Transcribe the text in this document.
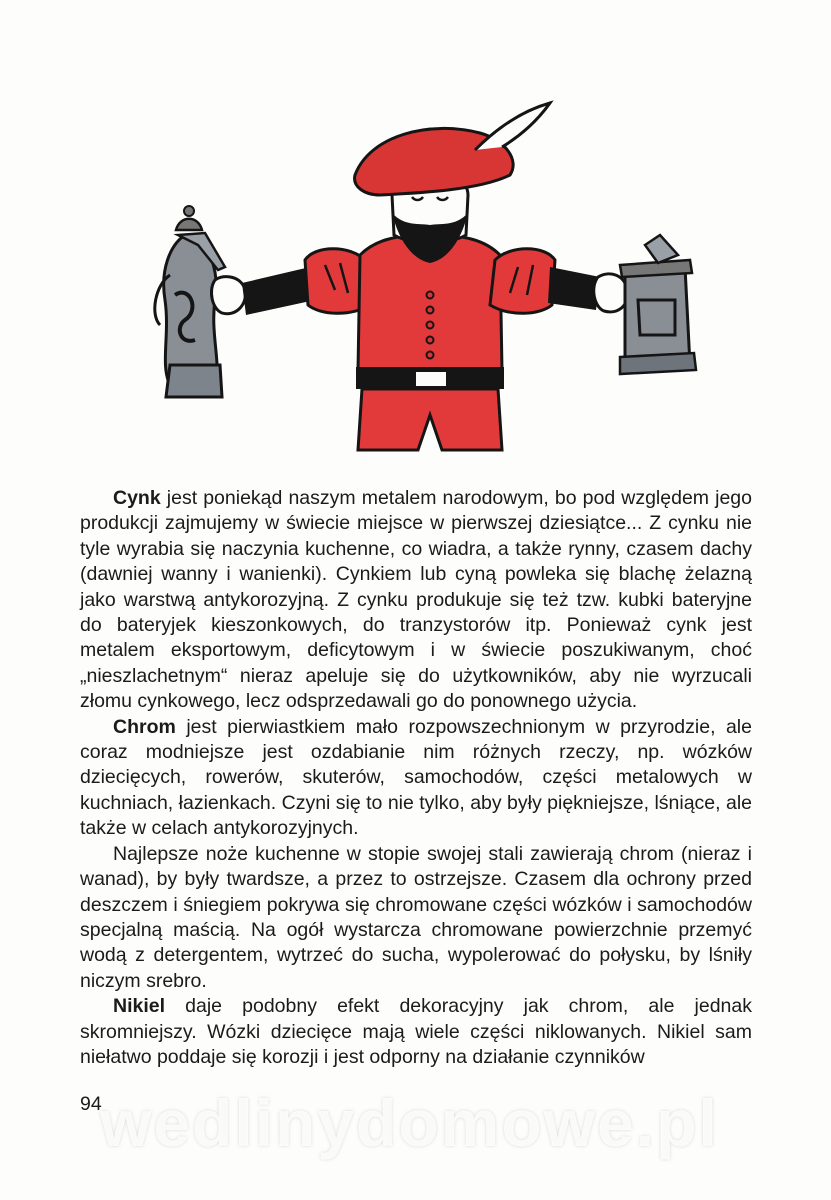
Cynk jest poniekąd naszym metalem narodowym, bo pod względem jego produkcji zajmujemy w świecie miejsce w pierwszej dziesiątce... Z cynku nie tyle wyrabia się naczynia kuchenne, co wiadra, a także rynny, czasem dachy (dawniej wanny i wanienki). Cynkiem lub cyną powleka się blachę żelazną jako warstwą antykorozyjną. Z cynku produkuje się też tzw. kubki bateryjne do bateryjek kieszonkowych, do tranzystorów itp. Ponieważ cynk jest metalem eksportowym, deficytowym i w świecie poszukiwanym, choć „nieszlachetnym“ nieraz apeluje się do użytkowników, aby nie wyrzucali złomu cynkowego, lecz odsprzedawali go do ponownego użycia.

Chrom jest pierwiastkiem mało rozpowszechnionym w przyrodzie, ale coraz modniejsze jest ozdabianie nim różnych rzeczy, np. wózków dziecięcych, rowerów, skuterów, samochodów, części metalowych w kuchniach, łazienkach. Czyni się to nie tylko, aby były piękniejsze, lśniące, ale także w celach antykorozyjnych.

Najlepsze noże kuchenne w stopie swojej stali zawierają chrom (nieraz i wanad), by były twardsze, a przez to ostrzejsze. Czasem dla ochrony przed deszczem i śniegiem pokrywa się chromowane części wózków i samochodów specjalną maścią. Na ogół wystarcza chromowane powierzchnie przemyć wodą z detergentem, wytrzeć do sucha, wypolerować do połysku, by lśniły niczym srebro.

Nikiel daje podobny efekt dekoracyjny jak chrom, ale jednak skromniejszy. Wózki dziecięce mają wiele części niklowanych. Nikiel sam niełatwo poddaje się korozji i jest odporny na działanie czynników

94
wedlinydomowe.pl
